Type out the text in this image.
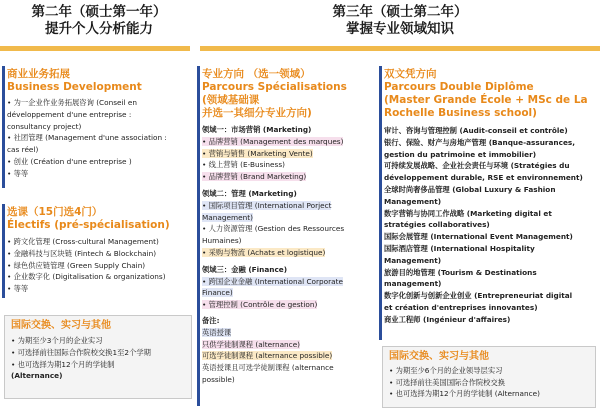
第二年（硕士第一年）
提升个人分析能力
第三年（硕士第二年）
掌握专业领域知识
商业业务拓展
Business Development
• 为一企业作业务拓展咨询 (Conseil en
développement d'une entreprise :
consultancy project)
• 社团管理 (Management d'une association :
cas réel)
• 创业 (Création d'une entreprise )
• 等等
选课（15门选4门）
Électifs (pré-spécialisation)
• 跨文化管理 (Cross-cultural Management)
• 金融科技与区块链 (Fintech & Blockchain)
• 绿色供应链管理 (Green Supply Chain)
• 企业数字化 (Digitalisation & organizations)
• 等等
国际交换、实习与其他
• 为期至少3个月的企业实习
• 可选择前往国际合作院校交换1至2个学期
• 也可选择为期12个月的学徒制
(Alternance)
专业方向 （选一领域）
Parcours Spécialisations
(领域基础课
并选一其细分专业方向)
领域一：市场营销 (Marketing)
• 品牌营销 (Management des marques)
• 营销与销售 (Marketing Vente)
• 线上营销 (E-Business)
• 品牌营销 (Brand Marketing)
领域二：管理 (Marketing)
• 国际项目管理 (International Porject
Management)
• 人力资源管理 (Gestion des Ressources
Humaines)
• 采购与物流 (Achats et logistique)
领域三：金融 (Finance)
• 跨国企业金融 (International Corporate
Finance)
• 管理控制 (Contrôle de gestion)
备注:
英语授课
只供学徒制课程 (alternance)
可选学徒制课程 (alternance possible)
英语授课且可选学徒制课程 (alternance
possible)
双文凭方向
Parcours Double Diplôme
(Master Grande École + MSc de La
Rochelle Business school)
审计、咨询与管理控制 (Audit-conseil et contrôle)
银行、保险、财产与房地产管理 (Banque-assurances,
gestion du patrimoine et immobilier)
可持续发展战略、企业社会责任与环境 (Stratégies du
développement durable, RSE et environnement)
全球时尚奢侈品管理 (Global Luxury & Fashion
Management)
数字营销与协同工作战略 (Marketing digital et
stratégies collaboratives)
国际会展管理 (International Event Management)
国际酒店管理 (International Hospitality
Management)
旅游目的地管理 (Tourism & Destinations
management)
数字化创新与创新企业创业 (Entrepreneuriat digital
et création d'entreprises innovantes)
商业工程师 (Ingénieur d'affaires)
国际交换、实习与其他
• 为期至少6个月的企业领导层实习
• 可选择前往美国国际合作院校交换
• 也可选择为期12个月的学徒制 (Alternance)
